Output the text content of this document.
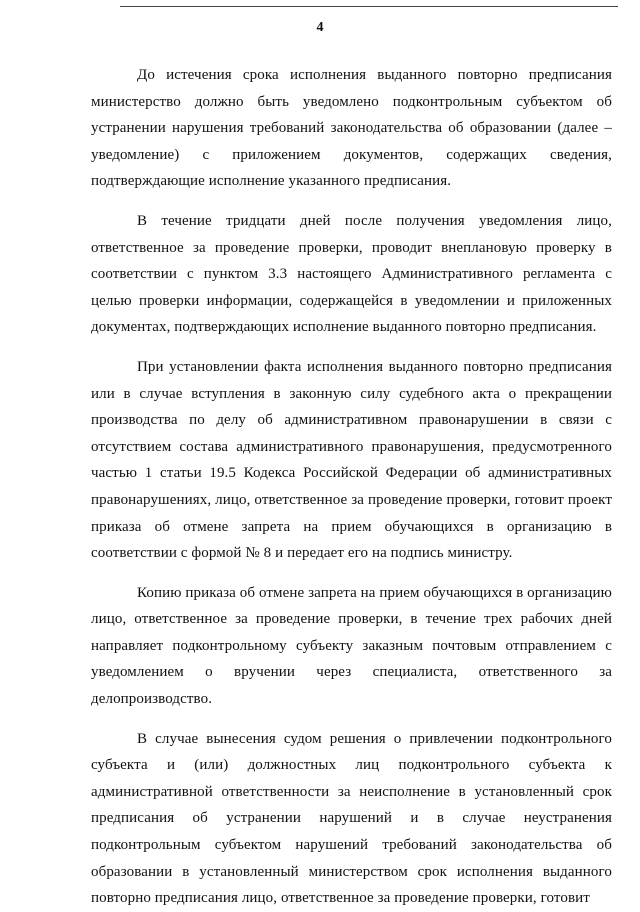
4

До истечения срока исполнения выданного повторно предписания министерство должно быть уведомлено подконтрольным субъектом об устранении нарушения требований законодательства об образовании (далее – уведомление) с приложением документов, содержащих сведения, подтверждающие исполнение указанного предписания.

В течение тридцати дней после получения уведомления лицо, ответственное за проведение проверки, проводит внеплановую проверку в соответствии с пунктом 3.3 настоящего Административного регламента с целью проверки информации, содержащейся в уведомлении и приложенных документах, подтверждающих исполнение выданного повторно предписания.

При установлении факта исполнения выданного повторно предписания или в случае вступления в законную силу судебного акта о прекращении производства по делу об административном правонарушении в связи с отсутствием состава административного правонарушения, предусмотренного частью 1 статьи 19.5 Кодекса Российской Федерации об административных правонарушениях, лицо, ответственное за проведение проверки, готовит проект приказа об отмене запрета на прием обучающихся в организацию в соответствии с формой № 8 и передает его на подпись министру.

Копию приказа об отмене запрета на прием обучающихся в организацию лицо, ответственное за проведение проверки, в течение трех рабочих дней направляет подконтрольному субъекту заказным почтовым отправлением с уведомлением о вручении через специалиста, ответственного за делопроизводство.

В случае вынесения судом решения о привлечении подконтрольного субъекта и (или) должностных лиц подконтрольного субъекта к административной ответственности за неисполнение в установленный срок предписания об устранении нарушений и в случае неустранения подконтрольным субъектом нарушений требований законодательства об образовании в установленный министерством срок исполнения выданного повторно предписания лицо, ответственное за проведение проверки, готовит
